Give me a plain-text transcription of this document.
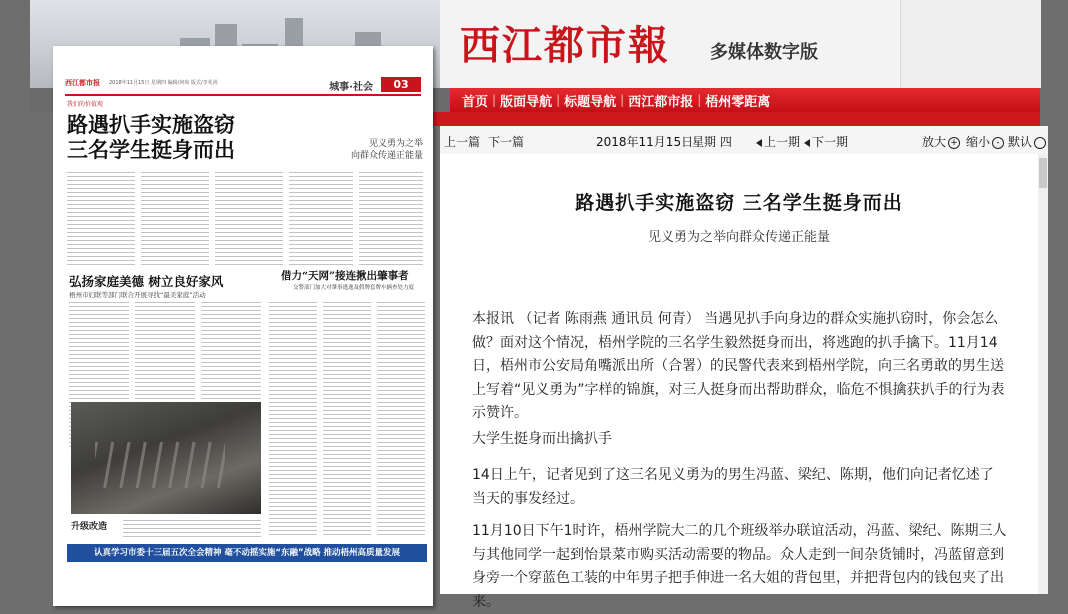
西江都市報 多媒体数字版
首页 | 版面导航 | 标题导航 | 西江都市报 | 梧州零距离
西江都市报 2018年11月15日 星期四 编辑/何琼 版式/李兆尚	城事·社会	03
我们的价值观
路遇扒手实施盗窃
三名学生挺身而出	见义勇为之举
向群众传递正能量
弘扬家庭美德 树立良好家风
梧州市妇联等部门联合开展寻找“最美家庭”活动
借力“天网”接连揪出肇事者
交警部门加大对肇事逃逸及假牌套牌车辆查处力度
升级改造
认真学习市委十三届五次全会精神 毫不动摇实施“东融”战略 推动梧州高质量发展
上一篇 下一篇	2018年11月15日
星期 四	上一期 下一期	放大 + 缩小 - 默认
路遇扒手实施盗窃 三名学生挺身而出
见义勇为之举向群众传递正能量
本报讯 （记者 陈雨燕 通讯员 何青） 当遇见扒手向身边的群众实施扒窃时，你会怎么做？面对这个情况，梧州学院的三名学生毅然挺身而出，将逃跑的扒手擒下。11月14日，梧州市公安局角嘴派出所（合署）的民警代表来到梧州学院，向三名勇敢的男生送上写着“见义勇为”字样的锦旗，对三人挺身而出帮助群众，临危不惧擒获扒手的行为表示赞许。
大学生挺身而出擒扒手
14日上午，记者见到了这三名见义勇为的男生冯蓝、梁纪、陈期，他们向记者忆述了当天的事发经过。
11月10日下午1时许，梧州学院大二的几个班级举办联谊活动，冯蓝、梁纪、陈期三人与其他同学一起到怡景菜市购买活动需要的物品。众人走到一间杂货铺时，冯蓝留意到身旁一个穿蓝色工装的中年男子把手伸进一名大姐的背包里，并把背包内的钱包夹了出来。
